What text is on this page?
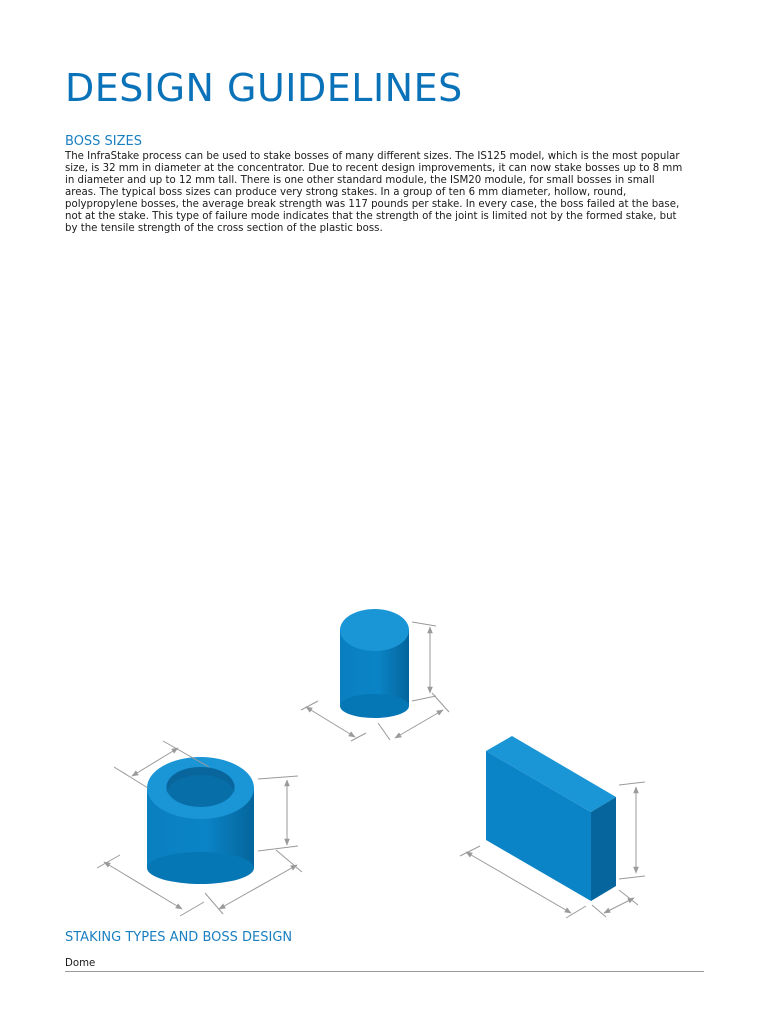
DESIGN GUIDELINES
BOSS SIZES
The InfraStake process can be used to stake bosses of many different sizes. The IS125 model, which is the most popular
size, is 32 mm in diameter at the concentrator. Due to recent design improvements, it can now stake bosses up to 8 mm
in diameter and up to 12 mm tall. There is one other standard module, the ISM20 module, for small bosses in small
areas. The typical boss sizes can produce very strong stakes. In a group of ten 6 mm diameter, hollow, round,
polypropylene bosses, the average break strength was 117 pounds per stake. In every case, the boss failed at the base,
not at the stake. This type of failure mode indicates that the strength of the joint is limited not by the formed stake, but
by the tensile strength of the cross section of the plastic boss.
STAKING TYPES AND BOSS DESIGN
Dome
